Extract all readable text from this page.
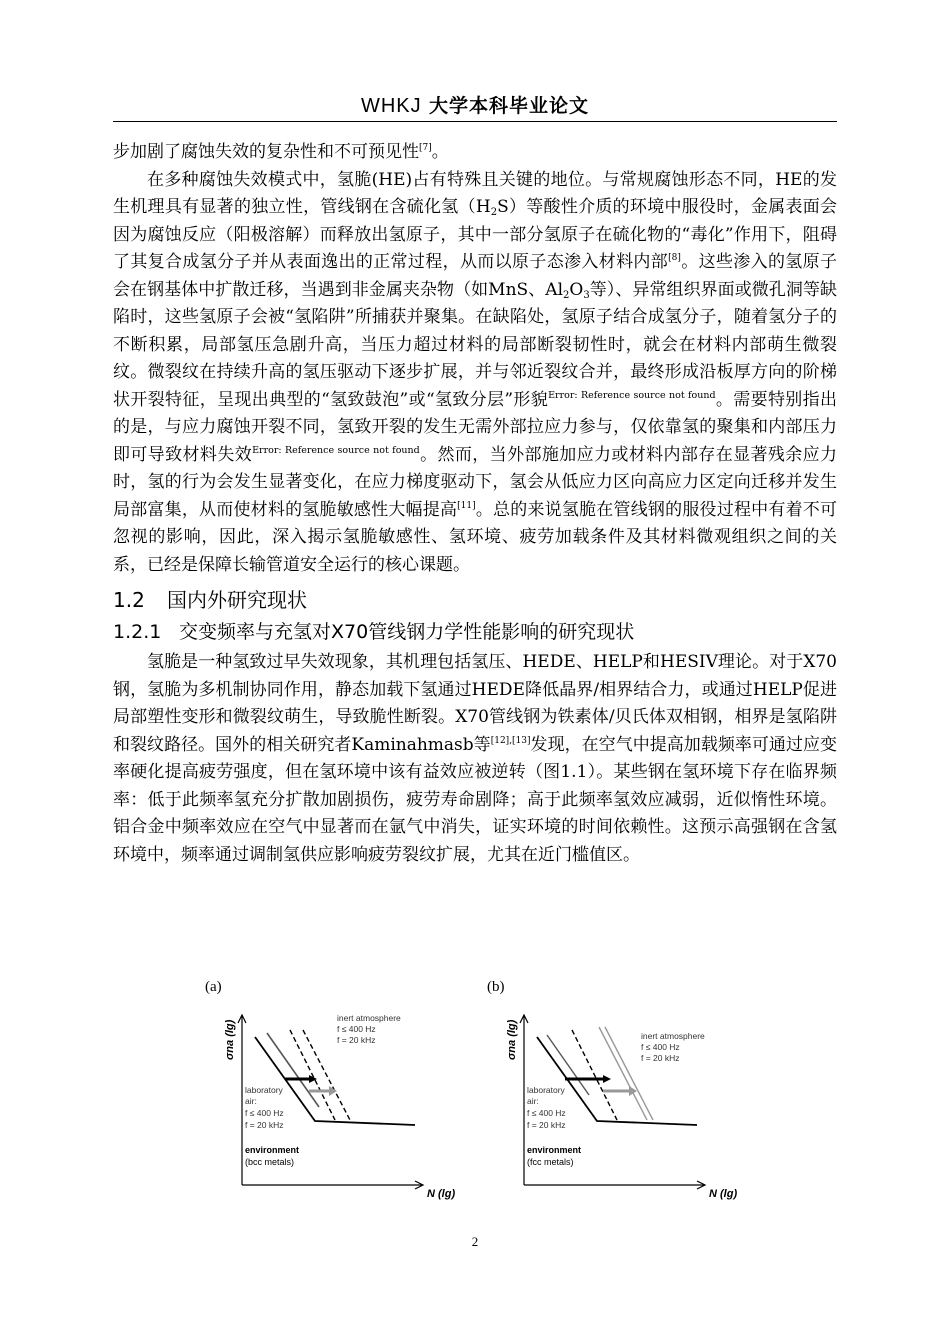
WHKJ 大学本科毕业论文

步加剧了腐蚀失效的复杂性和不可预见性[7]。

在多种腐蚀失效模式中，氢脆(HE)占有特殊且关键的地位。与常规腐蚀形态不同，HE的发生机理具有显著的独立性，管线钢在含硫化氢$(H_2S)$等酸性介质的环境中服役时，金属表面会因为腐蚀反应（阳极溶解）而释放出氢原子，其中一部分氢原子在硫化物的“毒化”作用下，阻碍了其复合成氢分子并从表面逸出的正常过程，从而以原子态渗入材料内部[8]。这些渗入的氢原子会在钢基体中扩散迁移，当遇到非金属夹杂物（如MnS、$Al_2O_3$等）、异常组织界面或微孔洞等缺陷时，这些氢原子会被“氢陷阱”所捕获并聚集。在缺陷处，氢原子结合成氢分子，随着氢分子的不断积累，局部氢压急剧升高，当压力超过材料的局部断裂韧性时，就会在材料内部萌生微裂纹。微裂纹在持续升高的氢压驱动下逐步扩展，并与邻近裂纹合并，最终形成沿板厚方向的阶梯状开裂特征，呈现出典型的“氢致鼓泡”或“氢致分层”形貌$^{Error: Reference source not found}$。需要特别指出的是，与应力腐蚀开裂不同，氢致开裂的发生无需外部拉应力参与，仅依靠氢的聚集和内部压力即可导致材料失效$^{Error: Reference source not found}$。然而，当外部施加应力或材料内部存在显著残余应力时，氢的行为会发生显著变化，在应力梯度驱动下，氢会从低应力区向高应力区定向迁移并发生局部富集，从而使材料的氢脆敏感性大幅提高[11]。总的来说氢脆在管线钢的服役过程中有着不可忽视的影响，因此，深入揭示氢脆敏感性、氢环境、疲劳加载条件及其材料微观组织之间的关系，已经是保障长输管道安全运行的核心课题。

1.2 国内外研究现状
1.2.1 交变频率与充氢对X70管线钢力学性能影响的研究现状

氢脆是一种氢致过早失效现象，其机理包括氢压、HEDE、HELP和HESIV理论。对于X70钢，氢脆为多机制协同作用，静态加载下氢通过HEDE降低晶界/相界结合力，或通过HELP促进局部塑性变形和微裂纹萌生，导致脆性断裂。X70管线钢为铁素体/贝氏体双相钢，相界是氢陷阱和裂纹路径。国外的相关研究者Kaminahmasb等[12],[13]发现，在空气中提高加载频率可通过应变率硬化提高疲劳强度，但在氢环境中该有益效应被逆转（图1.1）。某些钢在氢环境下存在临界频率：低于此频率氢充分扩散加剧损伤，疲劳寿命剧降；高于此频率氢效应减弱，近似惰性环境。铝合金中频率效应在空气中显著而在氩气中消失，证实环境的时间依赖性。这预示高强钢在含氢环境中，频率通过调制氢供应影响疲劳裂纹扩展，尤其在近门槛值区。

(a)
σna (lg)
N (lg)
inert atmosphere f ≤ 400 Hz f = 20 kHz
laboratory air: f ≤ 400 Hz f = 20 kHz
environment (bcc metals)
(b)
σna (lg)
N (lg)
inert atmosphere f ≤ 400 Hz f = 20 kHz
laboratory air: f ≤ 400 Hz f = 20 kHz
environment (fcc metals)
2
